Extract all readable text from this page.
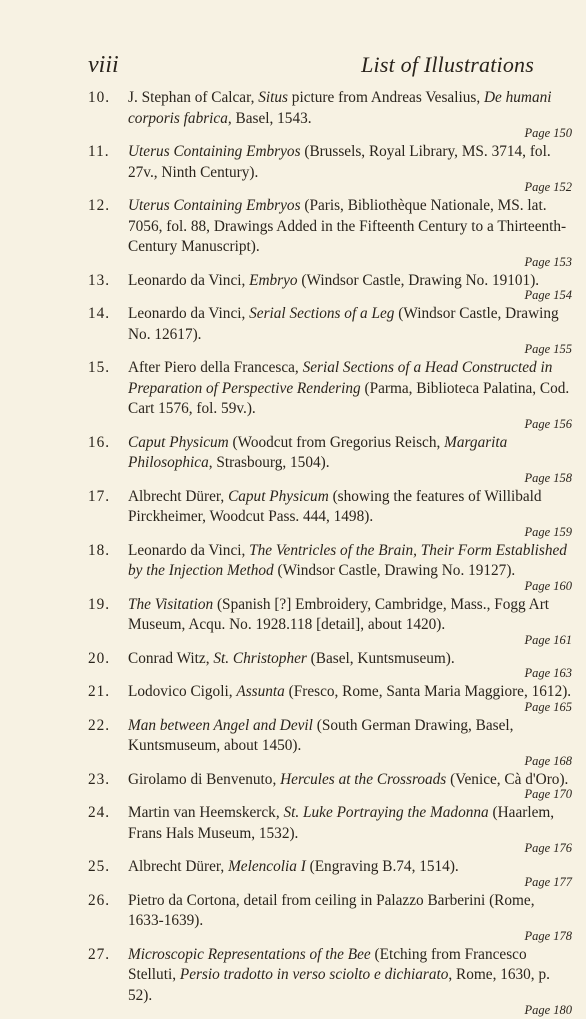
viii	List of Illustrations
10. J. Stephan of Calcar, Situs picture from Andreas Vesalius, De humani corporis fabrica, Basel, 1543.
Page 150
11. Uterus Containing Embryos (Brussels, Royal Library, MS. 3714, fol. 27v., Ninth Century).
Page 152
12. Uterus Containing Embryos (Paris, Bibliothèque Nationale, MS. lat. 7056, fol. 88, Drawings Added in the Fifteenth Century to a Thirteenth-Century Manuscript).
Page 153
13. Leonardo da Vinci, Embryo (Windsor Castle, Drawing No. 19101).
Page 154
14. Leonardo da Vinci, Serial Sections of a Leg (Windsor Castle, Drawing No. 12617).
Page 155
15. After Piero della Francesca, Serial Sections of a Head Constructed in Preparation of Perspective Rendering (Parma, Biblioteca Palatina, Cod. Cart 1576, fol. 59v.).
Page 156
16. Caput Physicum (Woodcut from Gregorius Reisch, Margarita Philosophica, Strasbourg, 1504).
Page 158
17. Albrecht Dürer, Caput Physicum (showing the features of Willibald Pirckheimer, Woodcut Pass. 444, 1498).
Page 159
18. Leonardo da Vinci, The Ventricles of the Brain, Their Form Established by the Injection Method (Windsor Castle, Drawing No. 19127).
Page 160
19. The Visitation (Spanish [?] Embroidery, Cambridge, Mass., Fogg Art Museum, Acqu. No. 1928.118 [detail], about 1420).
Page 161
20. Conrad Witz, St. Christopher (Basel, Kuntsmuseum).
Page 163
21. Lodovico Cigoli, Assunta (Fresco, Rome, Santa Maria Maggiore, 1612).
Page 165
22. Man between Angel and Devil (South German Drawing, Basel, Kuntsmuseum, about 1450).
Page 168
23. Girolamo di Benvenuto, Hercules at the Crossroads (Venice, Cà d'Oro).
Page 170
24. Martin van Heemskerck, St. Luke Portraying the Madonna (Haarlem, Frans Hals Museum, 1532).
Page 176
25. Albrecht Dürer, Melencolia I (Engraving B.74, 1514).
Page 177
26. Pietro da Cortona, detail from ceiling in Palazzo Barberini (Rome, 1633-1639).
Page 178
27. Microscopic Representations of the Bee (Etching from Francesco Stelluti, Persio tradotto in verso sciolto e dichiarato, Rome, 1630, p. 52).
Page 180
